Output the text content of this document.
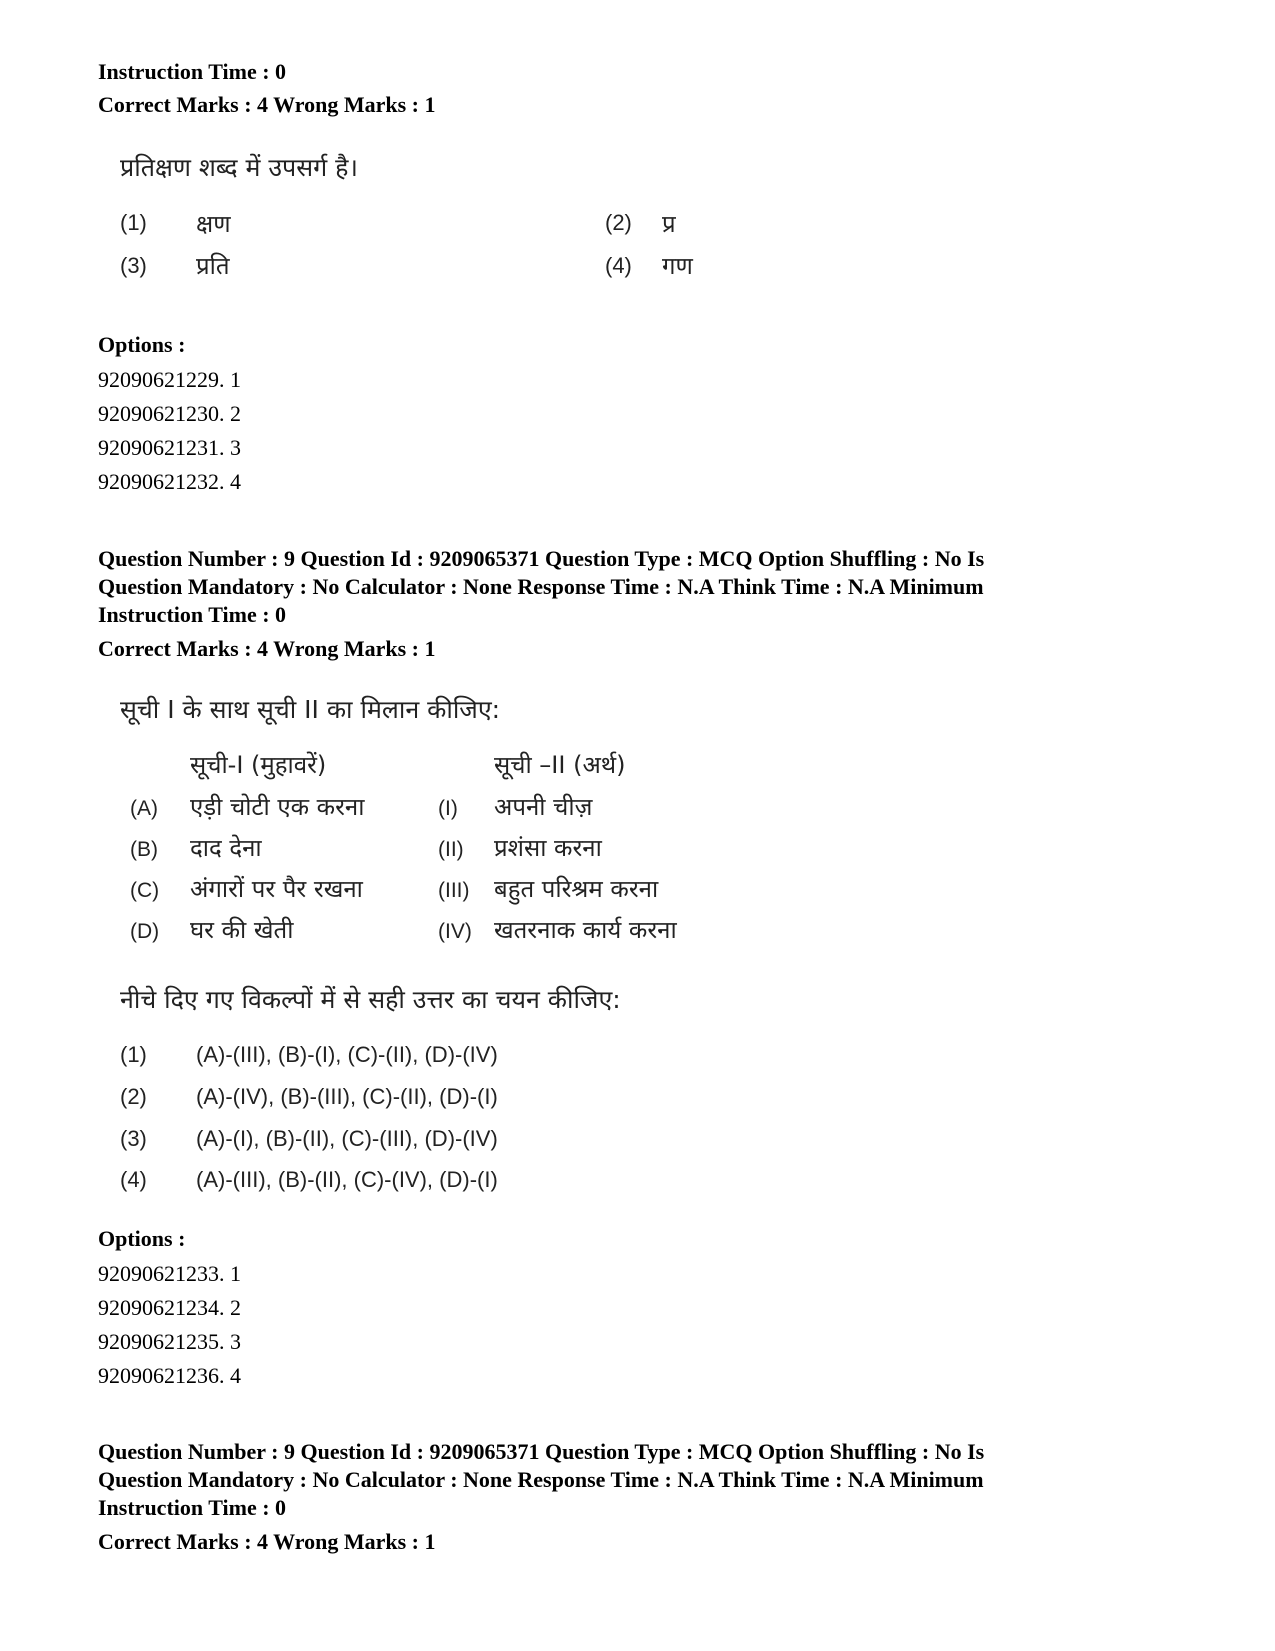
Instruction Time : 0
Correct Marks : 4 Wrong Marks : 1
प्रतिक्षण शब्द में उपसर्ग है।
(1) क्षण	(2) प्र
(3) प्रति	(4) गण
Options :
92090621229. 1
92090621230. 2
92090621231. 3
92090621232. 4
Question Number : 9 Question Id : 9209065371 Question Type : MCQ Option Shuffling : No Is
Question Mandatory : No Calculator : None Response Time : N.A Think Time : N.A Minimum
Instruction Time : 0
Correct Marks : 4 Wrong Marks : 1
सूची I के साथ सूची II का मिलान कीजिए:
सूची-I (मुहावरें)	सूची –II (अर्थ)
(A) एड़ी चोटी एक करना	(I) अपनी चीज़
(B) दाद देना	(II) प्रशंसा करना
(C) अंगारों पर पैर रखना	(III) बहुत परिश्रम करना
(D) घर की खेती	(IV) खतरनाक कार्य करना
नीचे दिए गए विकल्पों में से सही उत्तर का चयन कीजिए:
(1) (A)-(III), (B)-(I), (C)-(II), (D)-(IV)
(2) (A)-(IV), (B)-(III), (C)-(II), (D)-(I)
(3) (A)-(I), (B)-(II), (C)-(III), (D)-(IV)
(4) (A)-(III), (B)-(II), (C)-(IV), (D)-(I)
Options :
92090621233. 1
92090621234. 2
92090621235. 3
92090621236. 4
Question Number : 9 Question Id : 9209065371 Question Type : MCQ Option Shuffling : No Is
Question Mandatory : No Calculator : None Response Time : N.A Think Time : N.A Minimum
Instruction Time : 0
Correct Marks : 4 Wrong Marks : 1
